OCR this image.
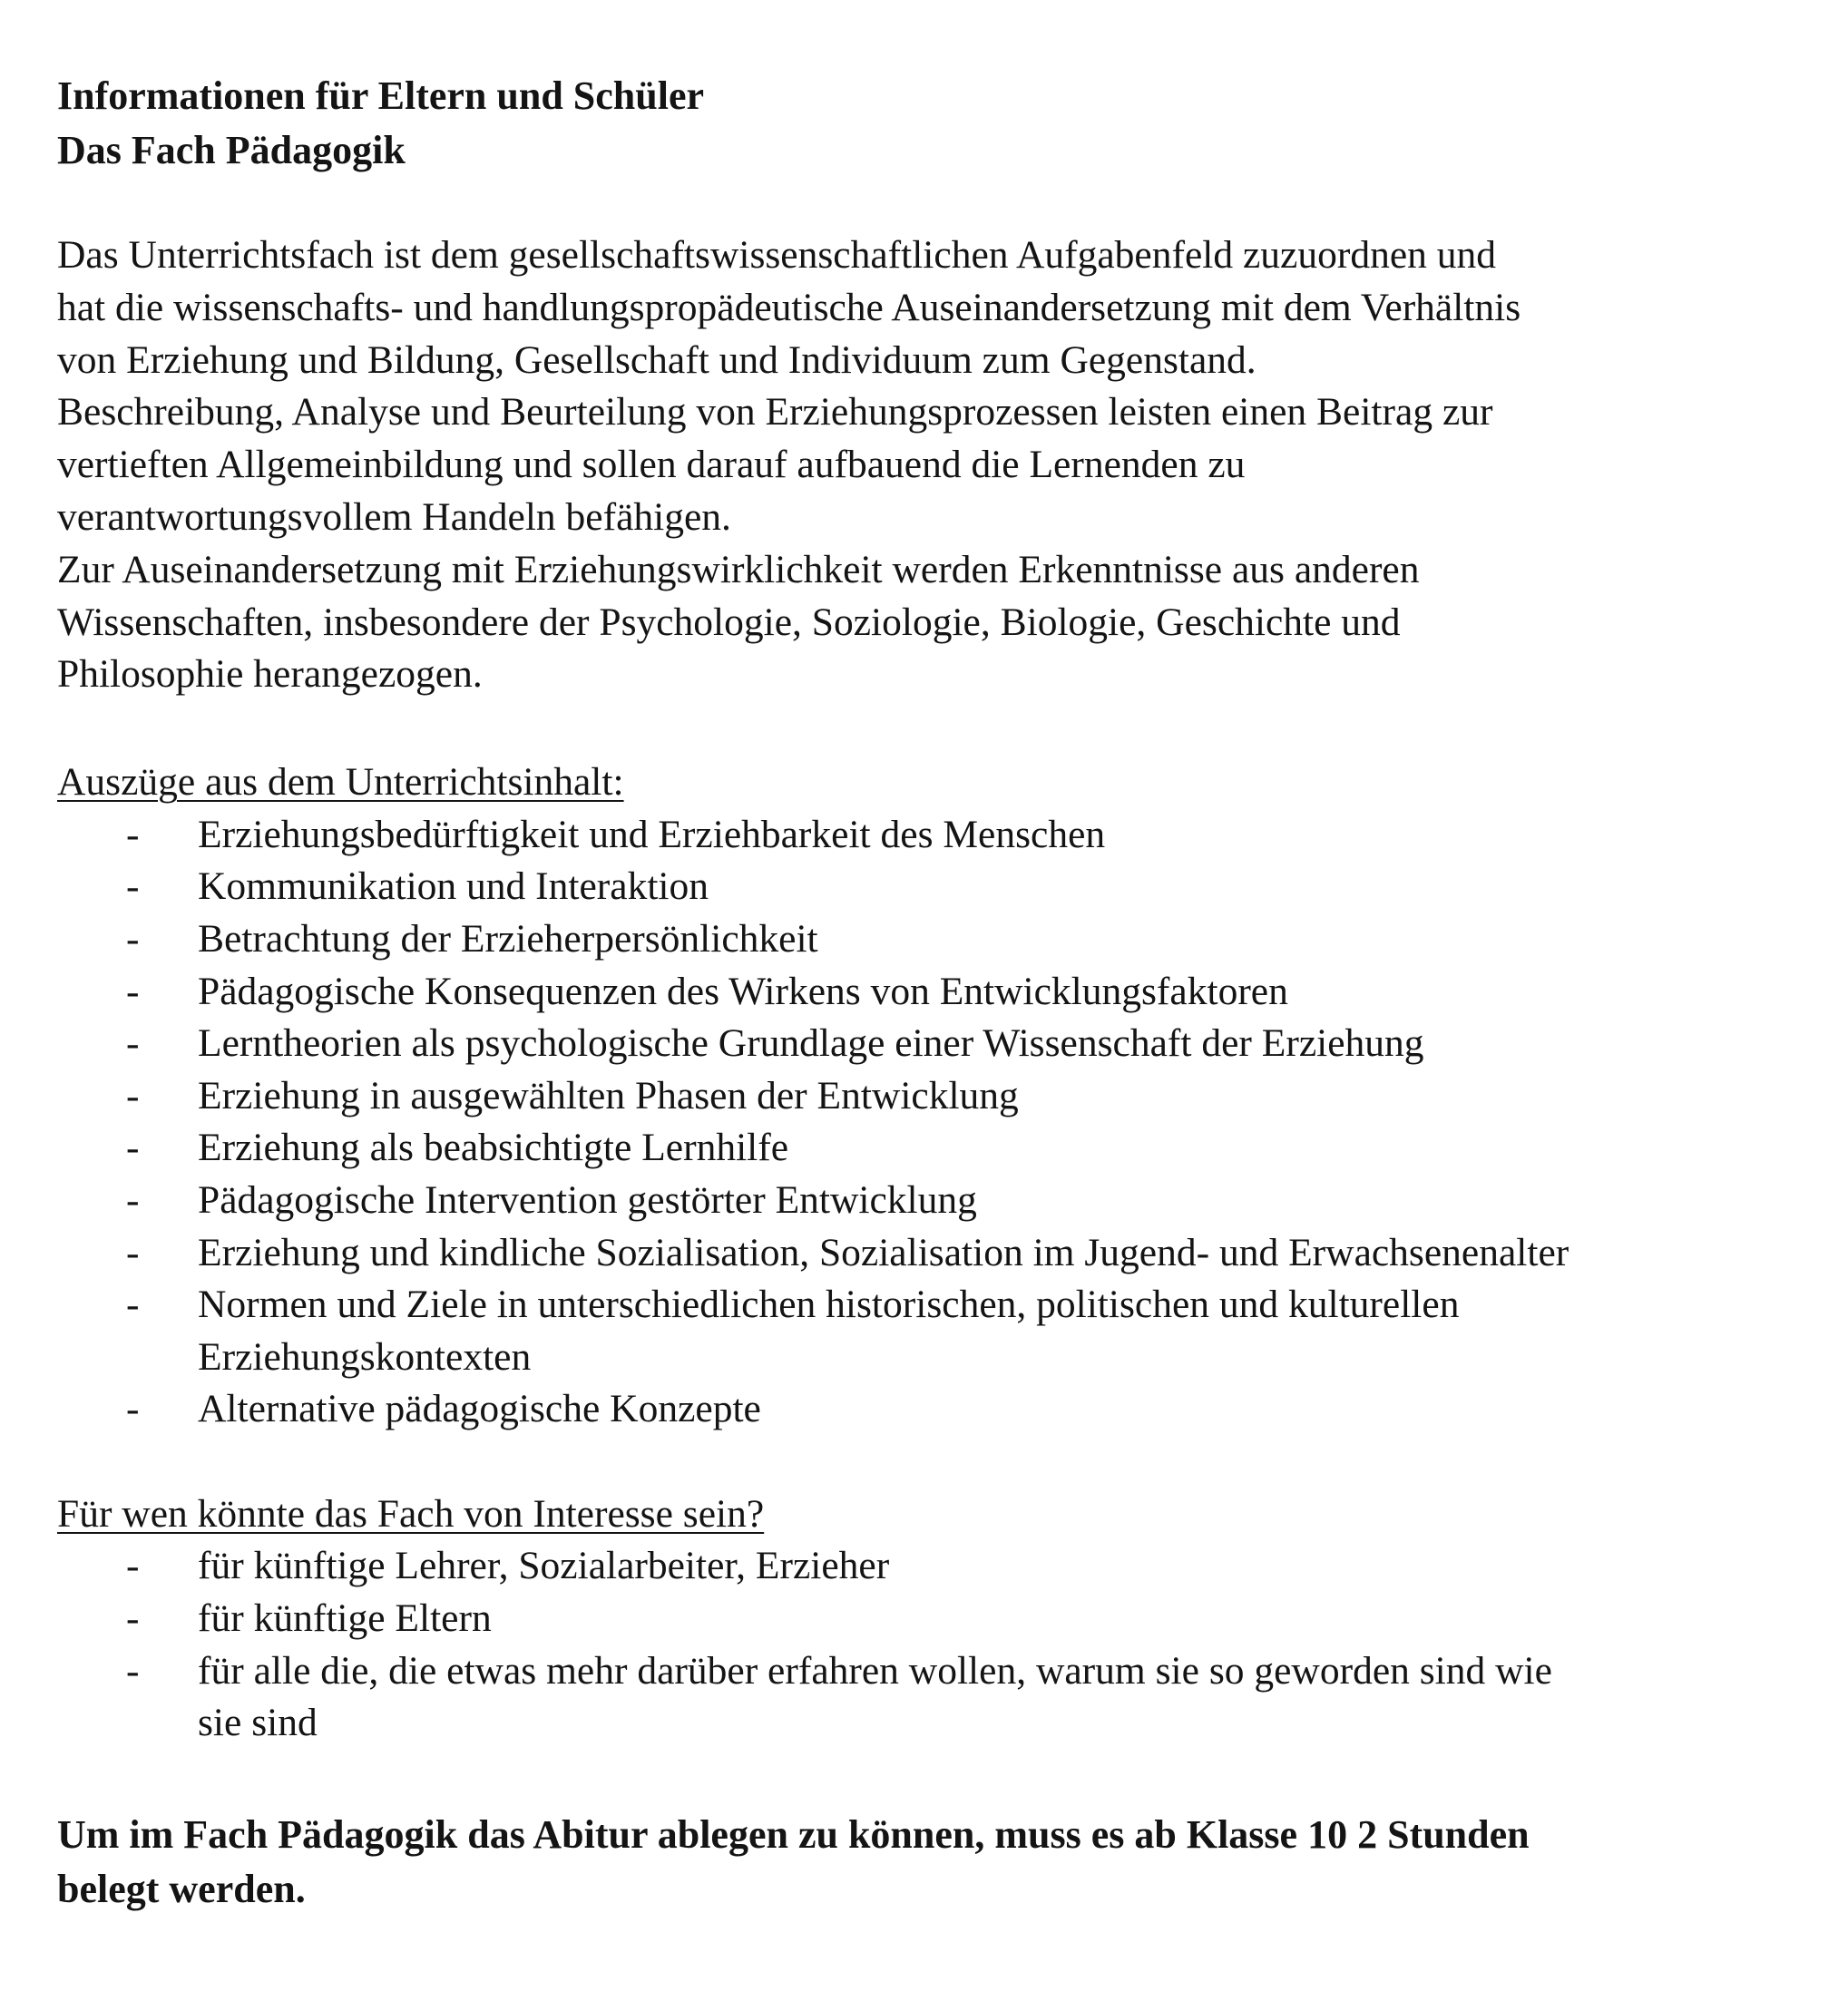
Informationen für Eltern und Schüler
Das Fach Pädagogik
Das Unterrichtsfach ist dem gesellschaftswissenschaftlichen Aufgabenfeld zuzuordnen und
hat die wissenschafts- und handlungspropädeutische Auseinandersetzung mit dem Verhältnis
von Erziehung und Bildung, Gesellschaft und Individuum zum Gegenstand.
Beschreibung, Analyse und Beurteilung von Erziehungsprozessen leisten einen Beitrag zur
vertieften Allgemeinbildung und sollen darauf aufbauend die Lernenden zu
verantwortungsvollem Handeln befähigen.
Zur Auseinandersetzung mit Erziehungswirklichkeit werden Erkenntnisse aus anderen
Wissenschaften, insbesondere der Psychologie, Soziologie, Biologie, Geschichte und
Philosophie herangezogen.
Auszüge aus dem Unterrichtsinhalt:
- Erziehungsbedürftigkeit und Erziehbarkeit des Menschen
- Kommunikation und Interaktion
- Betrachtung der Erzieherpersönlichkeit
- Pädagogische Konsequenzen des Wirkens von Entwicklungsfaktoren
- Lerntheorien als psychologische Grundlage einer Wissenschaft der Erziehung
- Erziehung in ausgewählten Phasen der Entwicklung
- Erziehung als beabsichtigte Lernhilfe
- Pädagogische Intervention gestörter Entwicklung
- Erziehung und kindliche Sozialisation, Sozialisation im Jugend- und Erwachsenenalter
- Normen und Ziele in unterschiedlichen historischen, politischen und kulturellen
Erziehungskontexten
- Alternative pädagogische Konzepte
Für wen könnte das Fach von Interesse sein?
- für künftige Lehrer, Sozialarbeiter, Erzieher
- für künftige Eltern
- für alle die, die etwas mehr darüber erfahren wollen, warum sie so geworden sind wie
sie sind
Um im Fach Pädagogik das Abitur ablegen zu können, muss es ab Klasse 10 2 Stunden
belegt werden.
